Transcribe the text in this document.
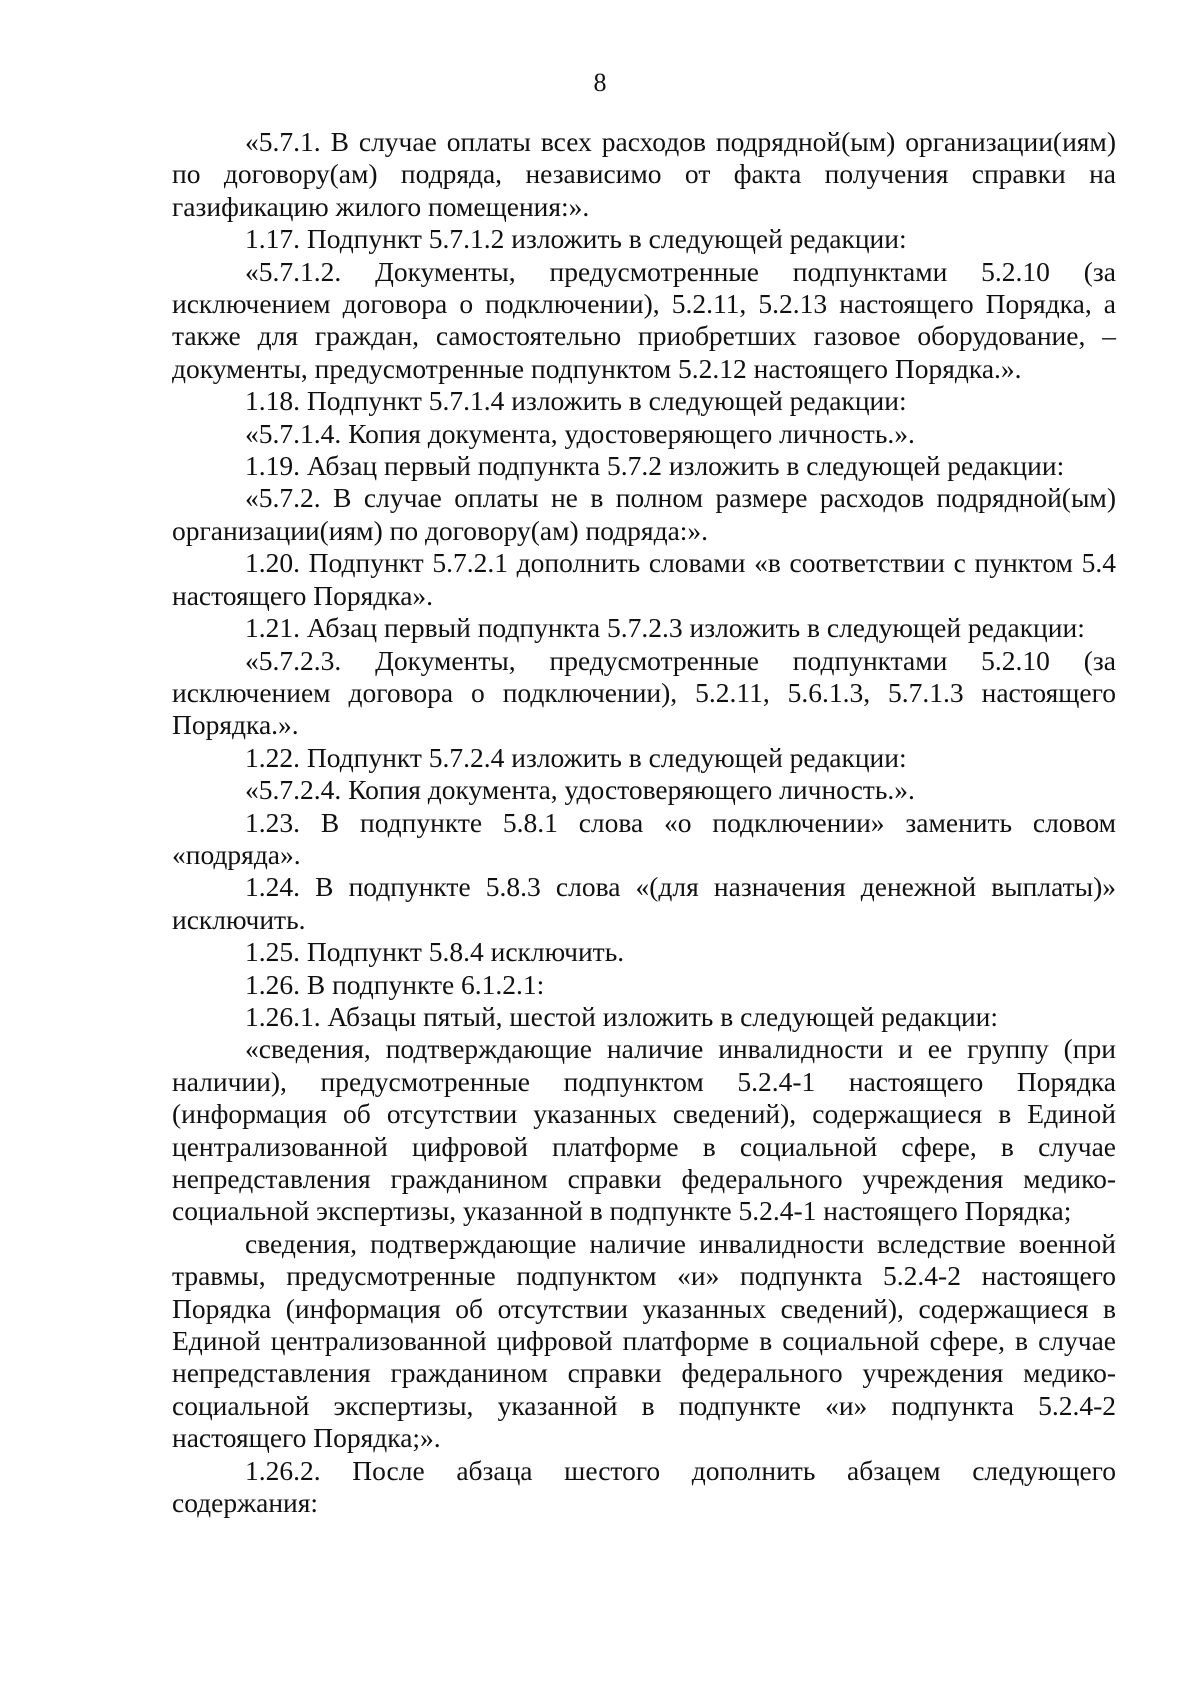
8

«5.7.1. В случае оплаты всех расходов подрядной(ым) организации(иям) по договору(ам) подряда, независимо от факта получения справки на газификацию жилого помещения:».

1.17. Подпункт 5.7.1.2 изложить в следующей редакции:

«5.7.1.2. Документы, предусмотренные подпунктами 5.2.10 (за исключением договора о подключении), 5.2.11, 5.2.13 настоящего Порядка, а также для граждан, самостоятельно приобретших газовое оборудование, – документы, предусмотренные подпунктом 5.2.12 настоящего Порядка.».

1.18. Подпункт 5.7.1.4 изложить в следующей редакции:

«5.7.1.4. Копия документа, удостоверяющего личность.».

1.19. Абзац первый подпункта 5.7.2 изложить в следующей редакции:

«5.7.2. В случае оплаты не в полном размере расходов подрядной(ым) организации(иям) по договору(ам) подряда:».

1.20. Подпункт 5.7.2.1 дополнить словами «в соответствии с пунктом 5.4 настоящего Порядка».

1.21. Абзац первый подпункта 5.7.2.3 изложить в следующей редакции:

«5.7.2.3. Документы, предусмотренные подпунктами 5.2.10 (за исключением договора о подключении), 5.2.11, 5.6.1.3, 5.7.1.3 настоящего Порядка.».

1.22. Подпункт 5.7.2.4 изложить в следующей редакции:

«5.7.2.4. Копия документа, удостоверяющего личность.».

1.23. В подпункте 5.8.1 слова «о подключении» заменить словом «подряда».

1.24. В подпункте 5.8.3 слова «(для назначения денежной выплаты)» исключить.

1.25. Подпункт 5.8.4 исключить.

1.26. В подпункте 6.1.2.1:

1.26.1. Абзацы пятый, шестой изложить в следующей редакции:

«сведения, подтверждающие наличие инвалидности и ее группу (при наличии), предусмотренные подпунктом 5.2.4-1 настоящего Порядка (информация об отсутствии указанных сведений), содержащиеся в Единой централизованной цифровой платформе в социальной сфере, в случае непредставления гражданином справки федерального учреждения медико-социальной экспертизы, указанной в подпункте 5.2.4-1 настоящего Порядка;

сведения, подтверждающие наличие инвалидности вследствие военной травмы, предусмотренные подпунктом «и» подпункта 5.2.4-2 настоящего Порядка (информация об отсутствии указанных сведений), содержащиеся в Единой централизованной цифровой платформе в социальной сфере, в случае непредставления гражданином справки федерального учреждения медико-социальной экспертизы, указанной в подпункте «и» подпункта 5.2.4-2 настоящего Порядка;».

1.26.2. После абзаца шестого дополнить абзацем следующего содержания:
